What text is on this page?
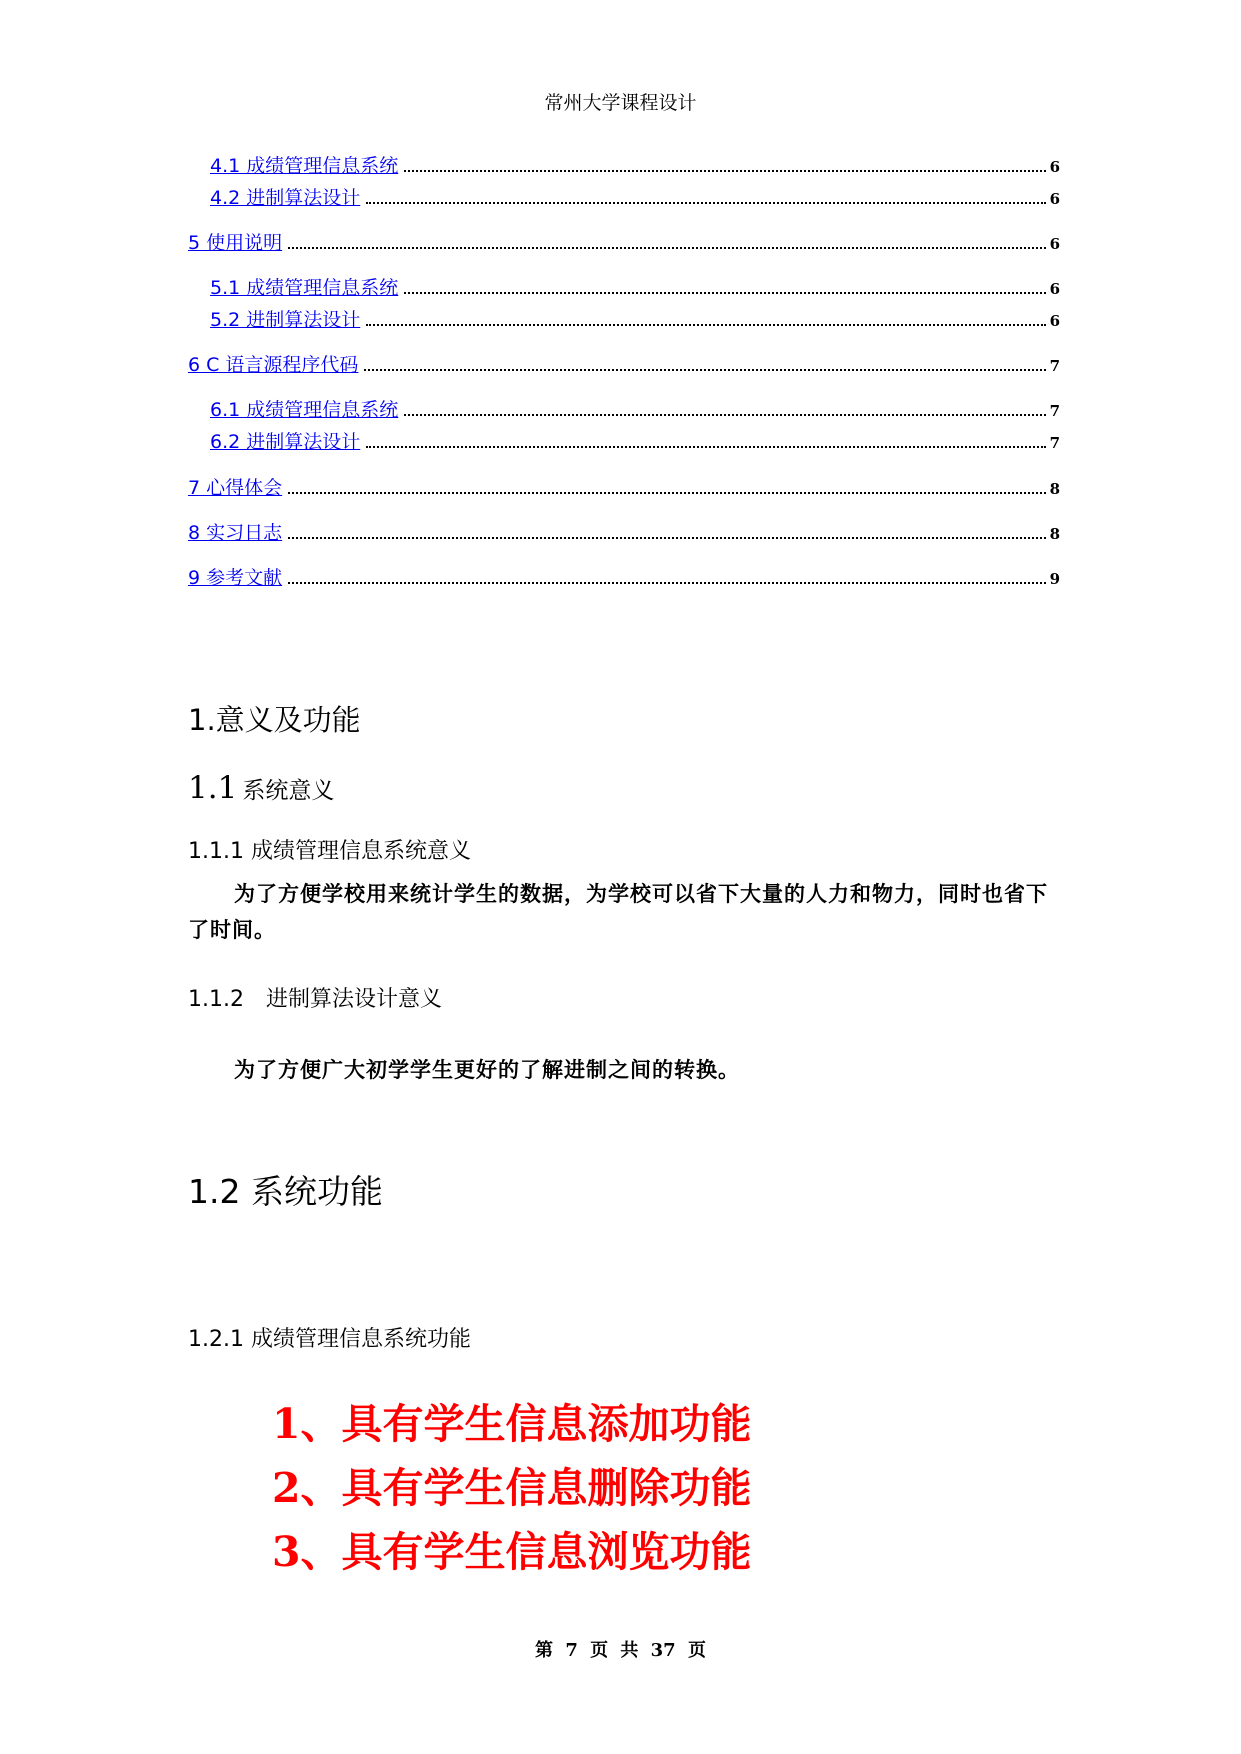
常州大学课程设计
4.1 成绩管理信息系统	6
4.2 进制算法设计	6
5 使用说明	6
5.1 成绩管理信息系统	6
5.2 进制算法设计	6
6 C 语言源程序代码	7
6.1 成绩管理信息系统	7
6.2 进制算法设计	7
7 心得体会	8
8 实习日志	8
9 参考文献	9
1.意义及功能
1.1 系统意义
1.1.1 成绩管理信息系统意义
为了方便学校用来统计学生的数据，为学校可以省下大量的人力和物力，同时也省下了时间。
1.1.2　进制算法设计意义
为了方便广大初学学生更好的了解进制之间的转换。
1.2 系统功能
1.2.1 成绩管理信息系统功能
1、具有学生信息添加功能
2、具有学生信息删除功能
3、具有学生信息浏览功能
第 7 页 共 37 页
